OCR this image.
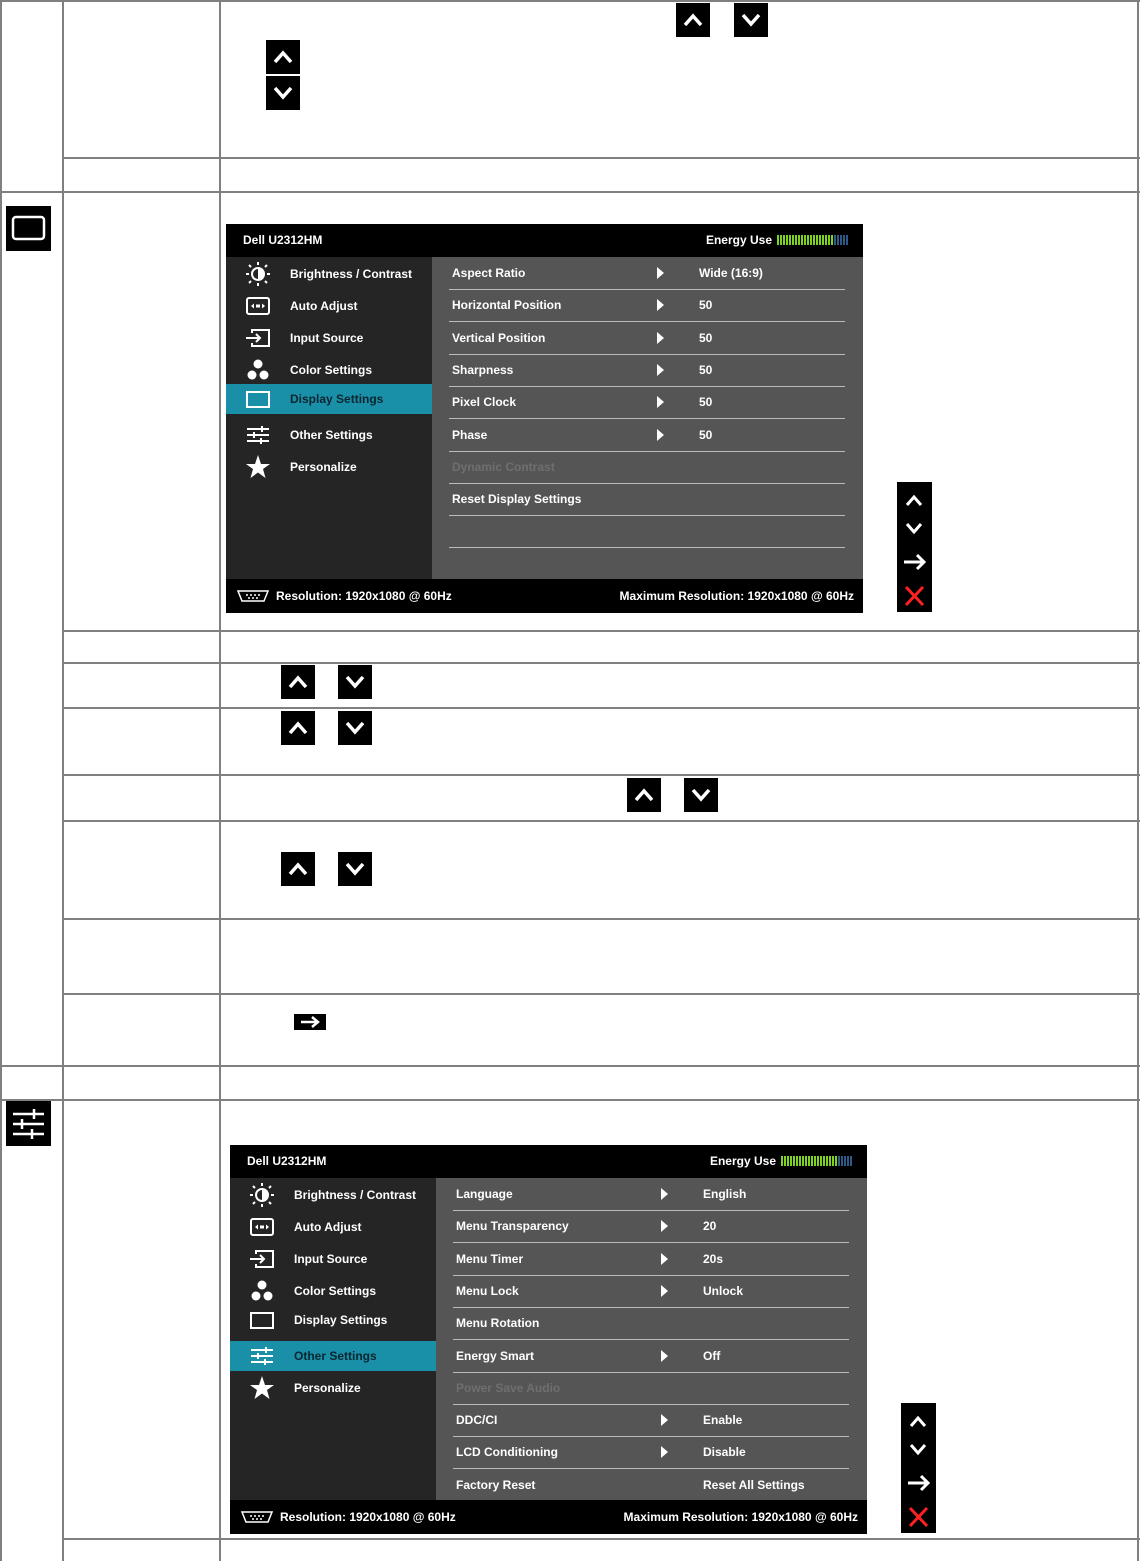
Dell U2312HM	Energy Use
Brightness / Contrast
Auto Adjust
Input Source
Color Settings
Display Settings
Other Settings
Personalize
Aspect Ratio	Wide (16:9)
Horizontal Position	50
Vertical Position	50
Sharpness	50
Pixel Clock	50
Phase	50
Dynamic Contrast
Reset Display Settings
Resolution: 1920x1080 @ 60Hz	Maximum Resolution: 1920x1080 @ 60Hz
Dell U2312HM	Energy Use
Brightness / Contrast
Auto Adjust
Input Source
Color Settings
Display Settings
Other Settings
Personalize
Language	English
Menu Transparency	20
Menu Timer	20s
Menu Lock	Unlock
Menu Rotation
Energy Smart	Off
Power Save Audio
DDC/CI	Enable
LCD Conditioning	Disable
Factory Reset	Reset All Settings
Resolution: 1920x1080 @ 60Hz	Maximum Resolution: 1920x1080 @ 60Hz
